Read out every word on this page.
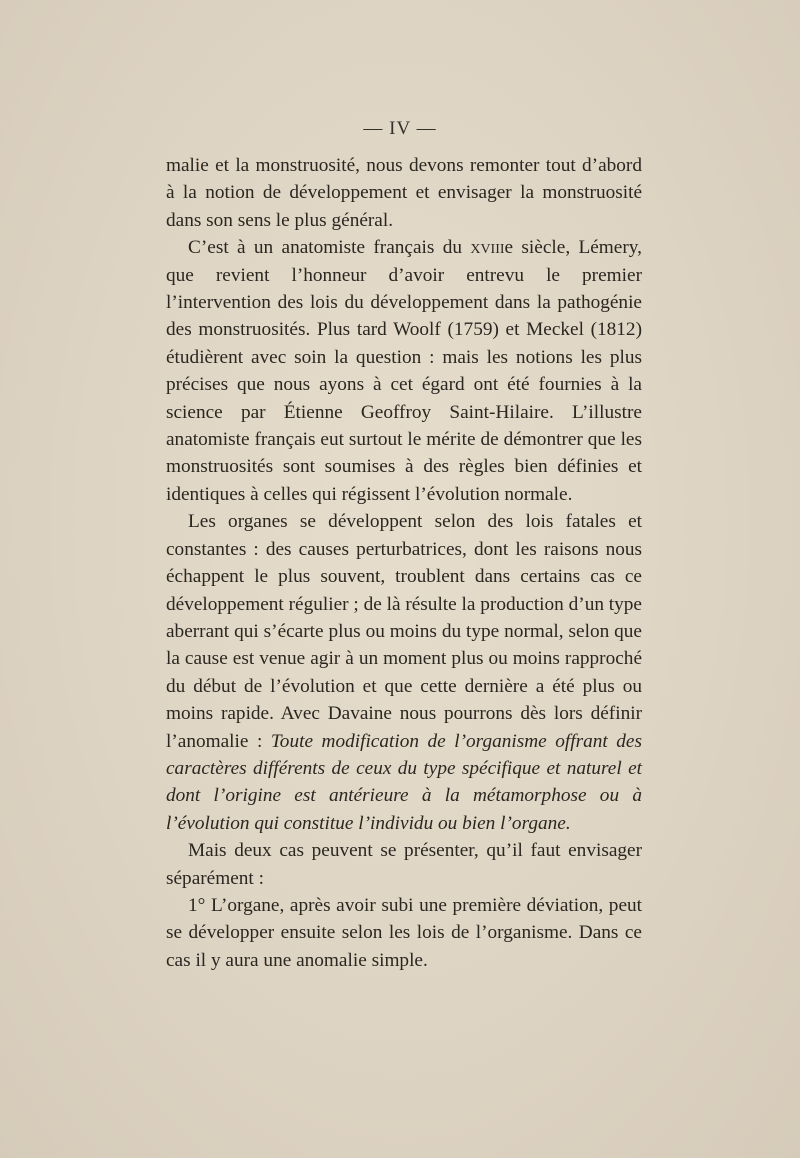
— IV —

malie et la monstruosité, nous devons remonter tout d’abord à la notion de développement et envisager la monstruosité dans son sens le plus général.

C’est à un anatomiste français du xviiie siècle, Lémery, que revient l’honneur d’avoir entrevu le premier l’intervention des lois du développement dans la pathogénie des monstruosités. Plus tard Woolf (1759) et Meckel (1812) étudièrent avec soin la question : mais les notions les plus précises que nous ayons à cet égard ont été fournies à la science par Étienne Geoffroy Saint-Hilaire. L’illustre anatomiste français eut surtout le mérite de démontrer que les monstruosités sont soumises à des règles bien définies et identiques à celles qui régissent l’évolution normale.

Les organes se développent selon des lois fatales et constantes : des causes perturbatrices, dont les raisons nous échappent le plus souvent, troublent dans certains cas ce développement régulier ; de là résulte la production d’un type aberrant qui s’écarte plus ou moins du type normal, selon que la cause est venue agir à un moment plus ou moins rapproché du début de l’évolution et que cette dernière a été plus ou moins rapide. Avec Davaine nous pourrons dès lors définir l’anomalie : Toute modification de l’organisme offrant des caractères différents de ceux du type spécifique et naturel et dont l’origine est antérieure à la métamorphose ou à l’évolution qui constitue l’individu ou bien l’organe.

Mais deux cas peuvent se présenter, qu’il faut envisager séparément :

1° L’organe, après avoir subi une première déviation, peut se développer ensuite selon les lois de l’organisme. Dans ce cas il y aura une anomalie simple.
